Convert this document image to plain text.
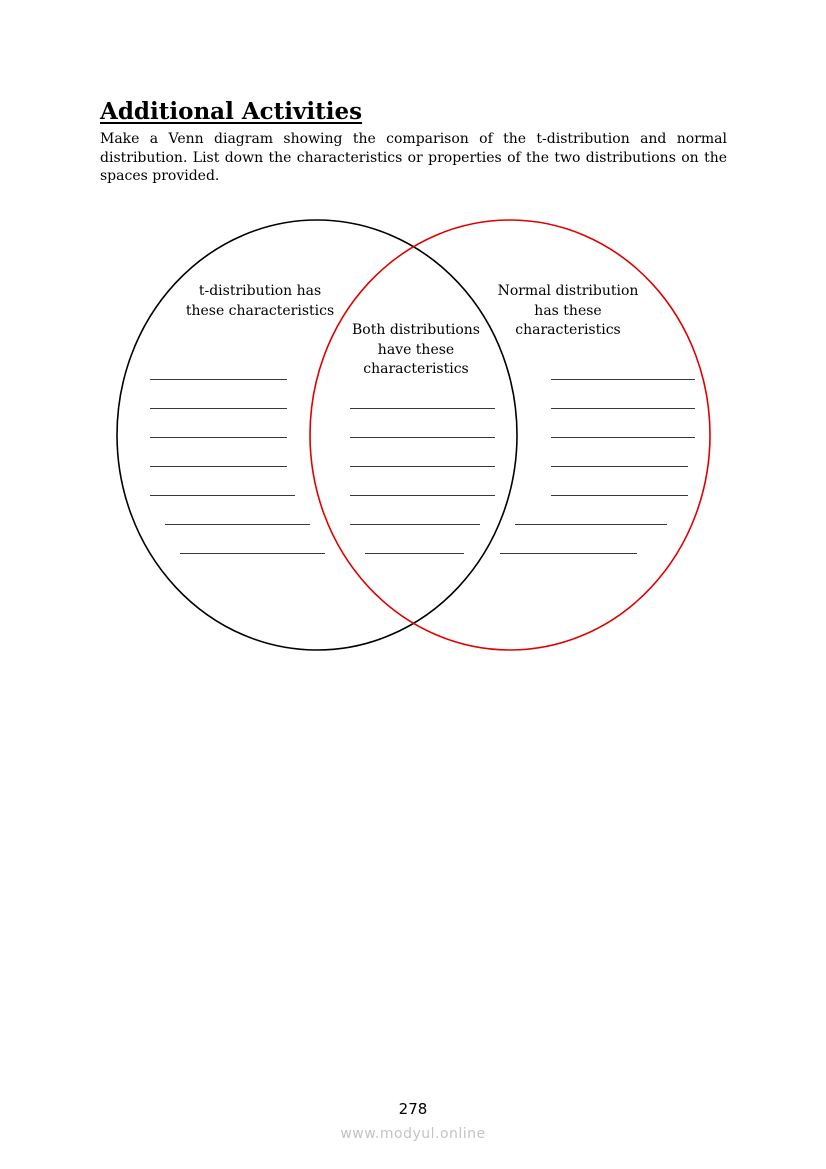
Additional Activities

Make a Venn diagram showing the comparison of the t-distribution and normal distribution. List down the characteristics or properties of the two distributions on the spaces provided.

t-distribution has
these characteristics
Both distributions
have these
characteristics
Normal distribution
has these
characteristics
278
www.modyul.online
